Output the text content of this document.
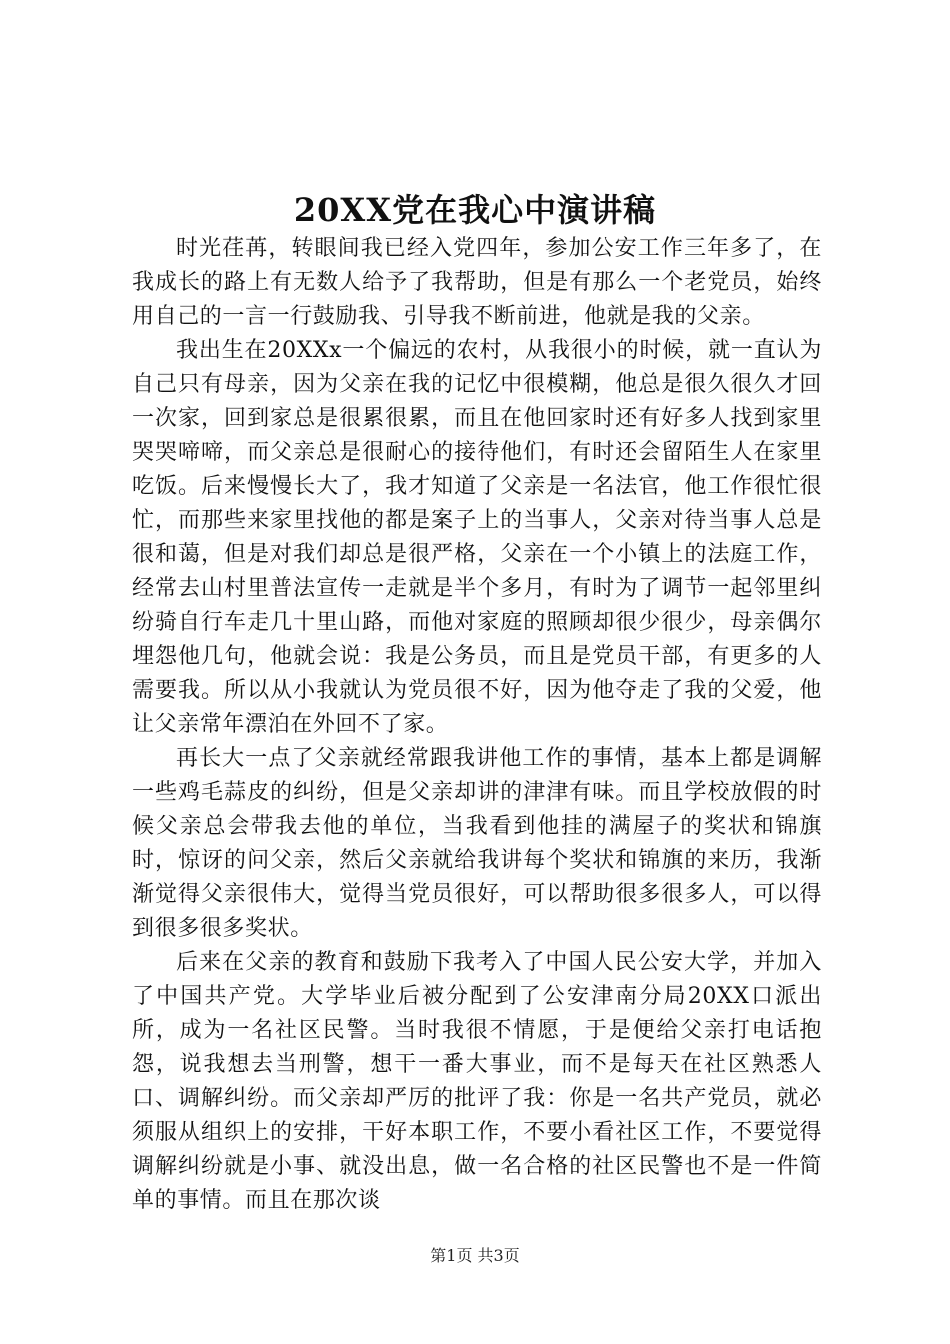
20XX党在我心中演讲稿

时光荏苒，转眼间我已经入党四年，参加公安工作三年多了，在我成长的路上有无数人给予了我帮助，但是有那么一个老党员，始终用自己的一言一行鼓励我、引导我不断前进，他就是我的父亲。

我出生在20XXx一个偏远的农村，从我很小的时候，就一直认为自己只有母亲，因为父亲在我的记忆中很模糊，他总是很久很久才回一次家，回到家总是很累很累，而且在他回家时还有好多人找到家里哭哭啼啼，而父亲总是很耐心的接待他们，有时还会留陌生人在家里吃饭。后来慢慢长大了，我才知道了父亲是一名法官，他工作很忙很忙，而那些来家里找他的都是案子上的当事人，父亲对待当事人总是很和蔼，但是对我们却总是很严格，父亲在一个小镇上的法庭工作，经常去山村里普法宣传一走就是半个多月，有时为了调节一起邻里纠纷骑自行车走几十里山路，而他对家庭的照顾却很少很少，母亲偶尔埋怨他几句，他就会说：我是公务员，而且是党员干部，有更多的人需要我。所以从小我就认为党员很不好，因为他夺走了我的父爱，他让父亲常年漂泊在外回不了家。

再长大一点了父亲就经常跟我讲他工作的事情，基本上都是调解一些鸡毛蒜皮的纠纷，但是父亲却讲的津津有味。而且学校放假的时候父亲总会带我去他的单位，当我看到他挂的满屋子的奖状和锦旗时，惊讶的问父亲，然后父亲就给我讲每个奖状和锦旗的来历，我渐渐觉得父亲很伟大，觉得当党员很好，可以帮助很多很多人，可以得到很多很多奖状。

后来在父亲的教育和鼓励下我考入了中国人民公安大学，并加入了中国共产党。大学毕业后被分配到了公安津南分局20XX口派出所，成为一名社区民警。当时我很不情愿，于是便给父亲打电话抱怨，说我想去当刑警，想干一番大事业，而不是每天在社区熟悉人口、调解纠纷。而父亲却严厉的批评了我：你是一名共产党员，就必须服从组织上的安排，干好本职工作，不要小看社区工作，不要觉得调解纠纷就是小事、就没出息，做一名合格的社区民警也不是一件简单的事情。而且在那次谈

第1页 共3页
